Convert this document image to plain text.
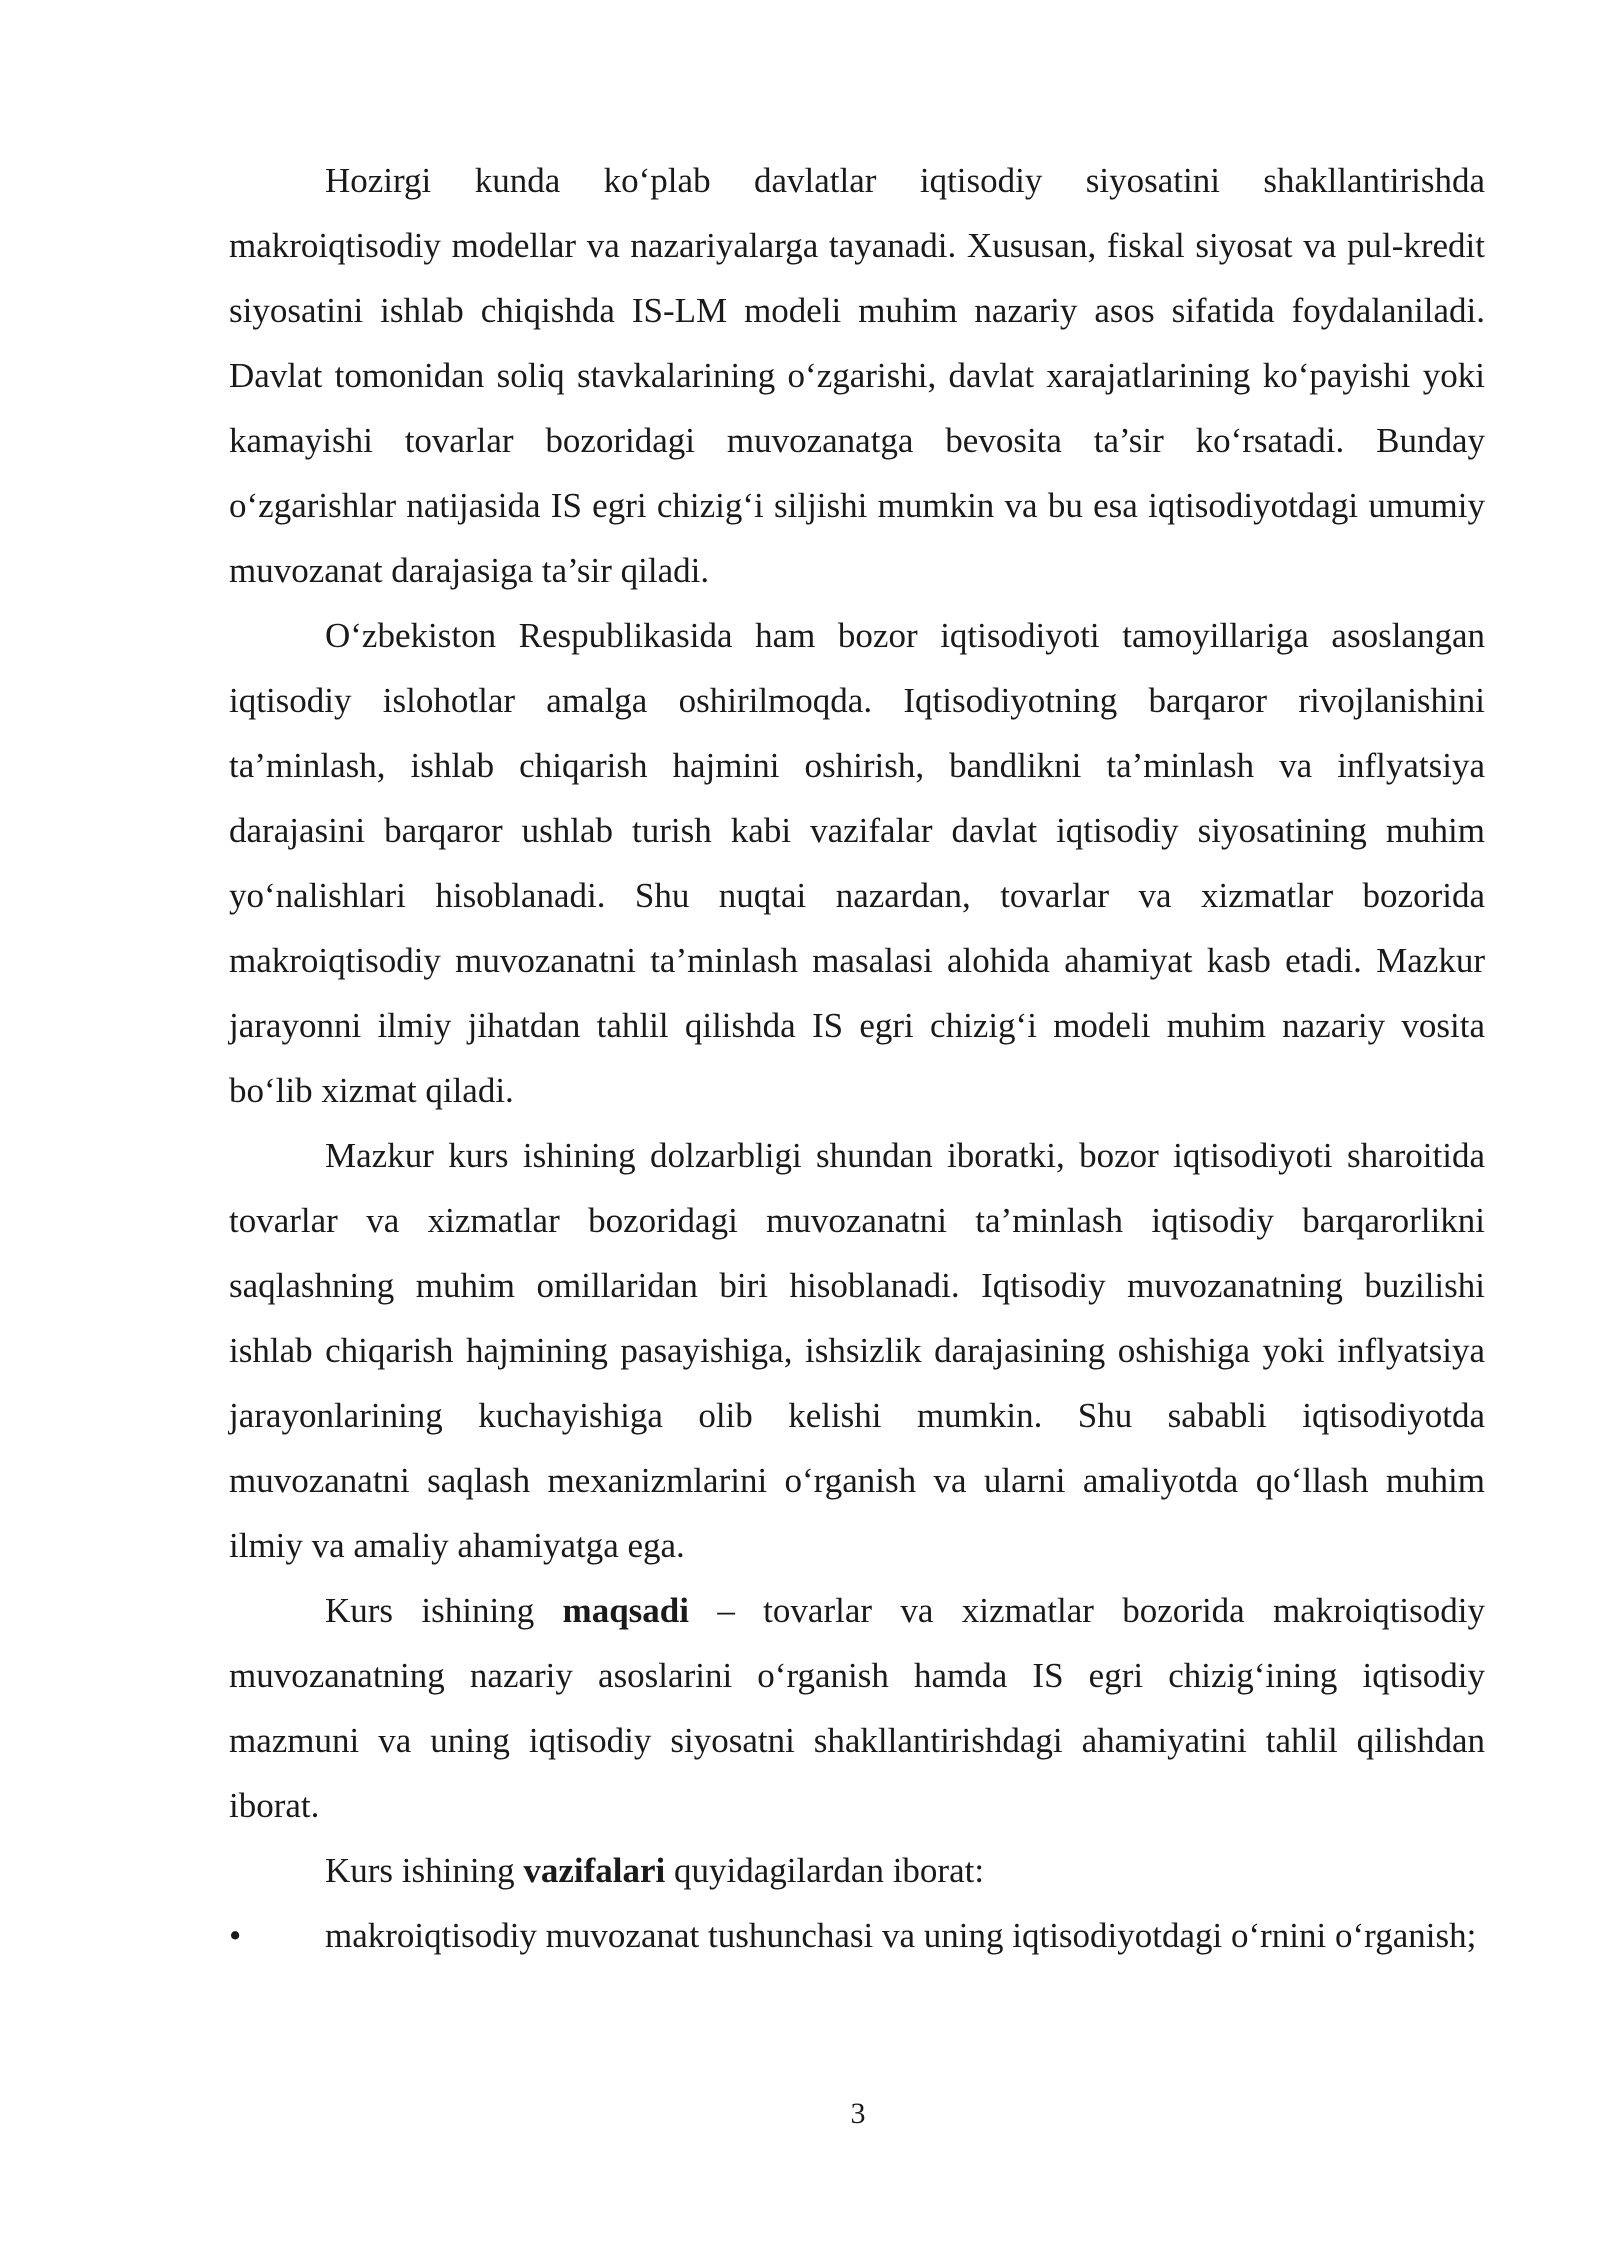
Hozirgi kunda ko‘plab davlatlar iqtisodiy siyosatini shakllantirishda makroiqtisodiy modellar va nazariyalarga tayanadi. Xususan, fiskal siyosat va pul-kredit siyosatini ishlab chiqishda IS-LM modeli muhim nazariy asos sifatida foydalaniladi. Davlat tomonidan soliq stavkalarining o‘zgarishi, davlat xarajatlarining ko‘payishi yoki kamayishi tovarlar bozoridagi muvozanatga bevosita ta’sir ko‘rsatadi. Bunday o‘zgarishlar natijasida IS egri chizig‘i siljishi mumkin va bu esa iqtisodiyotdagi umumiy muvozanat darajasiga ta’sir qiladi.

O‘zbekiston Respublikasida ham bozor iqtisodiyoti tamoyillariga asoslangan iqtisodiy islohotlar amalga oshirilmoqda. Iqtisodiyotning barqaror rivojlanishini ta’minlash, ishlab chiqarish hajmini oshirish, bandlikni ta’minlash va inflyatsiya darajasini barqaror ushlab turish kabi vazifalar davlat iqtisodiy siyosatining muhim yo‘nalishlari hisoblanadi. Shu nuqtai nazardan, tovarlar va xizmatlar bozorida makroiqtisodiy muvozanatni ta’minlash masalasi alohida ahamiyat kasb etadi. Mazkur jarayonni ilmiy jihatdan tahlil qilishda IS egri chizig‘i modeli muhim nazariy vosita bo‘lib xizmat qiladi.

Mazkur kurs ishining dolzarbligi shundan iboratki, bozor iqtisodiyoti sharoitida tovarlar va xizmatlar bozoridagi muvozanatni ta’minlash iqtisodiy barqarorlikni saqlashning muhim omillaridan biri hisoblanadi. Iqtisodiy muvozanatning buzilishi ishlab chiqarish hajmining pasayishiga, ishsizlik darajasining oshishiga yoki inflyatsiya jarayonlarining kuchayishiga olib kelishi mumkin. Shu sababli iqtisodiyotda muvozanatni saqlash mexanizmlarini o‘rganish va ularni amaliyotda qo‘llash muhim ilmiy va amaliy ahamiyatga ega.

Kurs ishining maqsadi – tovarlar va xizmatlar bozorida makroiqtisodiy muvozanatning nazariy asoslarini o‘rganish hamda IS egri chizig‘ining iqtisodiy mazmuni va uning iqtisodiy siyosatni shakllantirishdagi ahamiyatini tahlil qilishdan iborat.

Kurs ishining vazifalari quyidagilardan iborat:

• makroiqtisodiy muvozanat tushunchasi va uning iqtisodiyotdagi o‘rnini o‘rganish;

3
